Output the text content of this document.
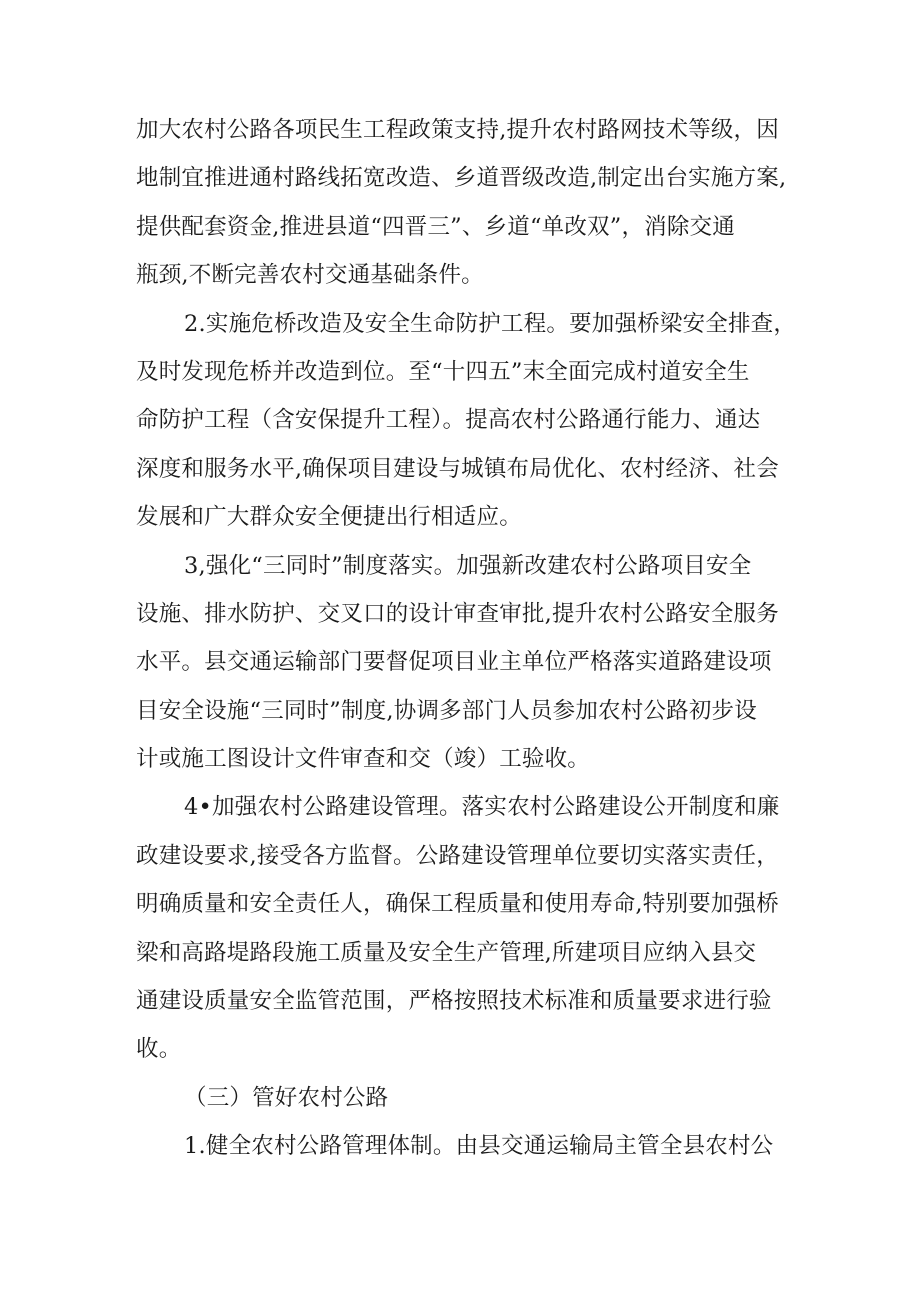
加大农村公路各项民生工程政策支持,提升农村路网技术等级，因
地制宜推进通村路线拓宽改造、乡道晋级改造,制定出台实施方案,
提供配套资金,推进县道“四晋三”、乡道“单改双”，消除交通
瓶颈,不断完善农村交通基础条件。
2.实施危桥改造及安全生命防护工程。要加强桥梁安全排查，
及时发现危桥并改造到位。至“十四五”末全面完成村道安全生
命防护工程（含安保提升工程）。提高农村公路通行能力、通达
深度和服务水平,确保项目建设与城镇布局优化、农村经济、社会
发展和广大群众安全便捷出行相适应。
3,强化“三同时”制度落实。加强新改建农村公路项目安全
设施、排水防护、交叉口的设计审查审批,提升农村公路安全服务
水平。县交通运输部门要督促项目业主单位严格落实道路建设项
目安全设施“三同时”制度,协调多部门人员参加农村公路初步设
计或施工图设计文件审查和交（竣）工验收。
4•加强农村公路建设管理。落实农村公路建设公开制度和廉
政建设要求,接受各方监督。公路建设管理单位要切实落实责任，
明确质量和安全责任人，确保工程质量和使用寿命,特别要加强桥
梁和高路堤路段施工质量及安全生产管理,所建项目应纳入县交
通建设质量安全监管范围，严格按照技术标准和质量要求进行验
收。
（三）管好农村公路
1.健全农村公路管理体制。由县交通运输局主管全县农村公
